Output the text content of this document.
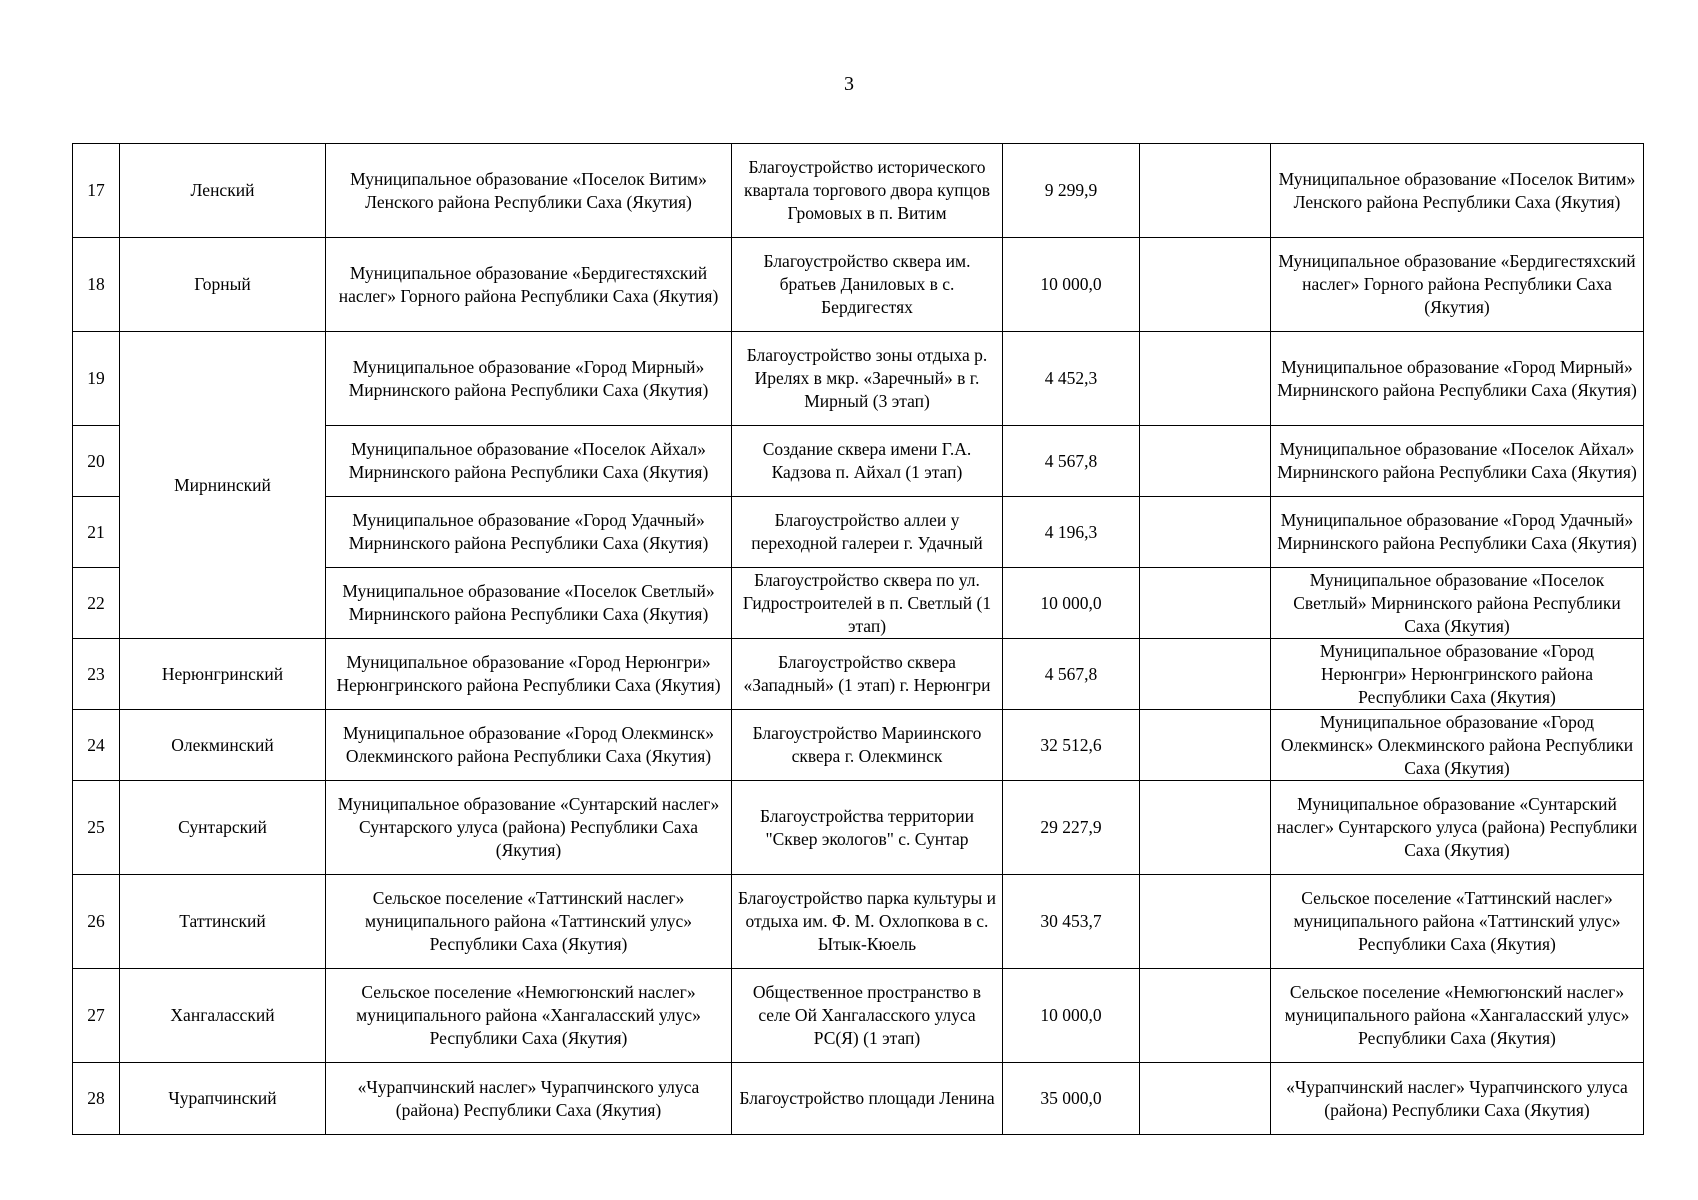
3
17	Ленский	Муниципальное образование «Поселок Витим» Ленского района Республики Саха (Якутия)	Благоустройство исторического квартала торгового двора купцов Громовых в п. Витим	9 299,9		Муниципальное образование «Поселок Витим» Ленского района Республики Саха (Якутия)
18	Горный	Муниципальное образование «Бердигестяхский наслег» Горного района Республики Саха (Якутия)	Благоустройство сквера им. братьев Даниловых в с. Бердигестях	10 000,0		Муниципальное образование «Бердигестяхский наслег» Горного района Республики Саха (Якутия)
19	Мирнинский	Муниципальное образование «Город Мирный» Мирнинского района Республики Саха (Якутия)	Благоустройство зоны отдыха р. Ирелях в мкр. «Заречный» в г. Мирный (3 этап)	4 452,3		Муниципальное образование «Город Мирный» Мирнинского района Республики Саха (Якутия)
20		Муниципальное образование «Поселок Айхал» Мирнинского района Республики Саха (Якутия)	Создание сквера имени Г.А. Кадзова п. Айхал (1 этап)	4 567,8		Муниципальное образование «Поселок Айхал» Мирнинского района Республики Саха (Якутия)
21		Муниципальное образование «Город Удачный» Мирнинского района Республики Саха (Якутия)	Благоустройство аллеи у переходной галереи г. Удачный	4 196,3		Муниципальное образование «Город Удачный» Мирнинского района Республики Саха (Якутия)
22		Муниципальное образование «Поселок Светлый» Мирнинского района Республики Саха (Якутия)	Благоустройство сквера по ул. Гидростроителей в п. Светлый (1 этап)	10 000,0		Муниципальное образование «Поселок Светлый» Мирнинского района Республики Саха (Якутия)
23	Нерюнгринский	Муниципальное образование «Город Нерюнгри» Нерюнгринского района Республики Саха (Якутия)	Благоустройство сквера «Западный» (1 этап) г. Нерюнгри	4 567,8		Муниципальное образование «Город Нерюнгри» Нерюнгринского района Республики Саха (Якутия)
24	Олекминский	Муниципальное образование «Город Олекминск» Олекминского района Республики Саха (Якутия)	Благоустройство Мариинского сквера г. Олекминск	32 512,6		Муниципальное образование «Город Олекминск» Олекминского района Республики Саха (Якутия)
25	Сунтарский	Муниципальное образование «Сунтарский наслег» Сунтарского улуса (района) Республики Саха (Якутия)	Благоустройства территории "Сквер экологов" с. Сунтар	29 227,9		Муниципальное образование «Сунтарский наслег» Сунтарского улуса (района) Республики Саха (Якутия)
26	Таттинский	Сельское поселение «Таттинский наслег» муниципального района «Таттинский улус» Республики Саха (Якутия)	Благоустройство парка культуры и отдыха им. Ф. М. Охлопкова в с. Ытык-Кюель	30 453,7		Сельское поселение «Таттинский наслег» муниципального района «Таттинский улус» Республики Саха (Якутия)
27	Хангаласский	Сельское поселение «Немюгюнский наслег» муниципального района «Хангаласский улус» Республики Саха (Якутия)	Общественное пространство в селе Ой Хангаласского улуса РС(Я) (1 этап)	10 000,0		Сельское поселение «Немюгюнский наслег» муниципального района «Хангаласский улус» Республики Саха (Якутия)
28	Чурапчинский	«Чурапчинский наслег» Чурапчинского улуса (района) Республики Саха (Якутия)	Благоустройство площади Ленина	35 000,0		«Чурапчинский наслег» Чурапчинского улуса (района) Республики Саха (Якутия)
